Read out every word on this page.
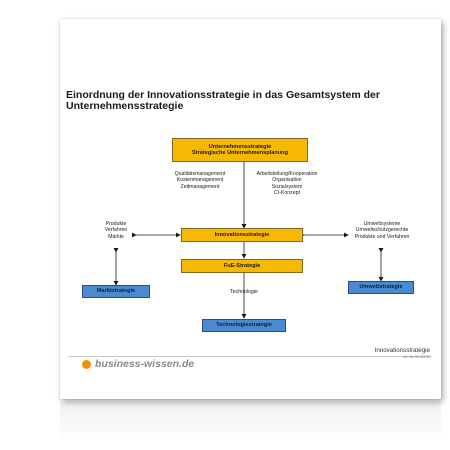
Einordnung der Innovationsstrategie in das Gesamtsystem der Unternehmensstrategie
Unternehmensstrategie
Strategische Unternehmensplanung
Innovationsstrategie
FuE-Strategie
Marktstrategie
Technologiestrategie
Umweltstrategie
Qualitätsmanagement
Kostenmanagement
Zeitmanagement
Arbeitsteilung/Kooperation
Organisation
Sozialsystem
CI-Konzept
Produkte
Verfahren
Märkte
Umweltsysteme
Umweltschutzgerechte
Produkte und Verfahren
Technologie
business-wissen.de
Innovationsstrategie
Art.-Nr. 95 063 30
